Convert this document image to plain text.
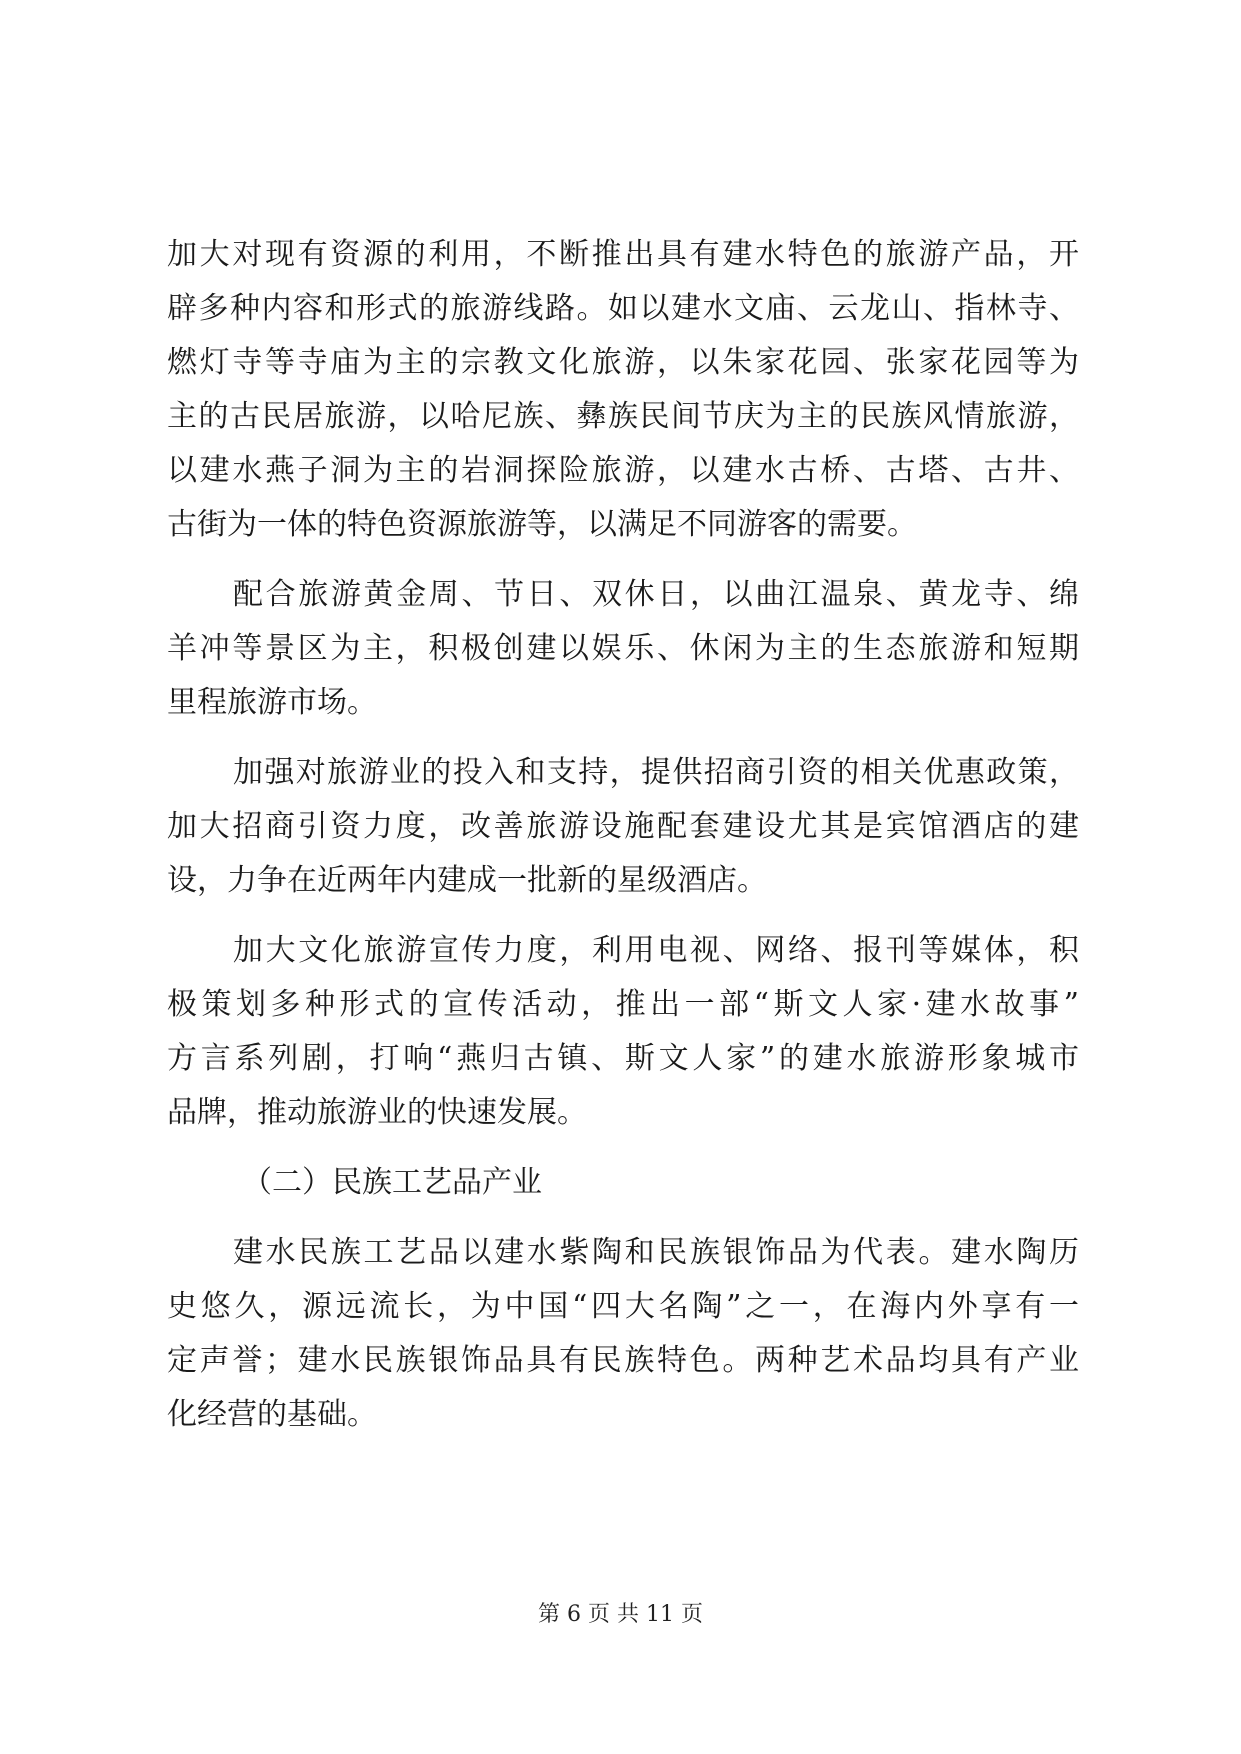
加大对现有资源的利用，不断推出具有建水特色的旅游产品，开
辟多种内容和形式的旅游线路。如以建水文庙、云龙山、指林寺、
燃灯寺等寺庙为主的宗教文化旅游，以朱家花园、张家花园等为
主的古民居旅游，以哈尼族、彝族民间节庆为主的民族风情旅游，
以建水燕子洞为主的岩洞探险旅游，以建水古桥、古塔、古井、
古街为一体的特色资源旅游等，以满足不同游客的需要。
配合旅游黄金周、节日、双休日，以曲江温泉、黄龙寺、绵
羊冲等景区为主，积极创建以娱乐、休闲为主的生态旅游和短期
里程旅游市场。
加强对旅游业的投入和支持，提供招商引资的相关优惠政策，
加大招商引资力度，改善旅游设施配套建设尤其是宾馆酒店的建
设，力争在近两年内建成一批新的星级酒店。
加大文化旅游宣传力度，利用电视、网络、报刊等媒体，积
极策划多种形式的宣传活动，推出一部“斯文人家·建水故事”
方言系列剧，打响“燕归古镇、斯文人家”的建水旅游形象城市
品牌，推动旅游业的快速发展。
（二）民族工艺品产业
建水民族工艺品以建水紫陶和民族银饰品为代表。建水陶历
史悠久，源远流长，为中国“四大名陶”之一，在海内外享有一
定声誉；建水民族银饰品具有民族特色。两种艺术品均具有产业
化经营的基础。
第 6 页 共 11 页
